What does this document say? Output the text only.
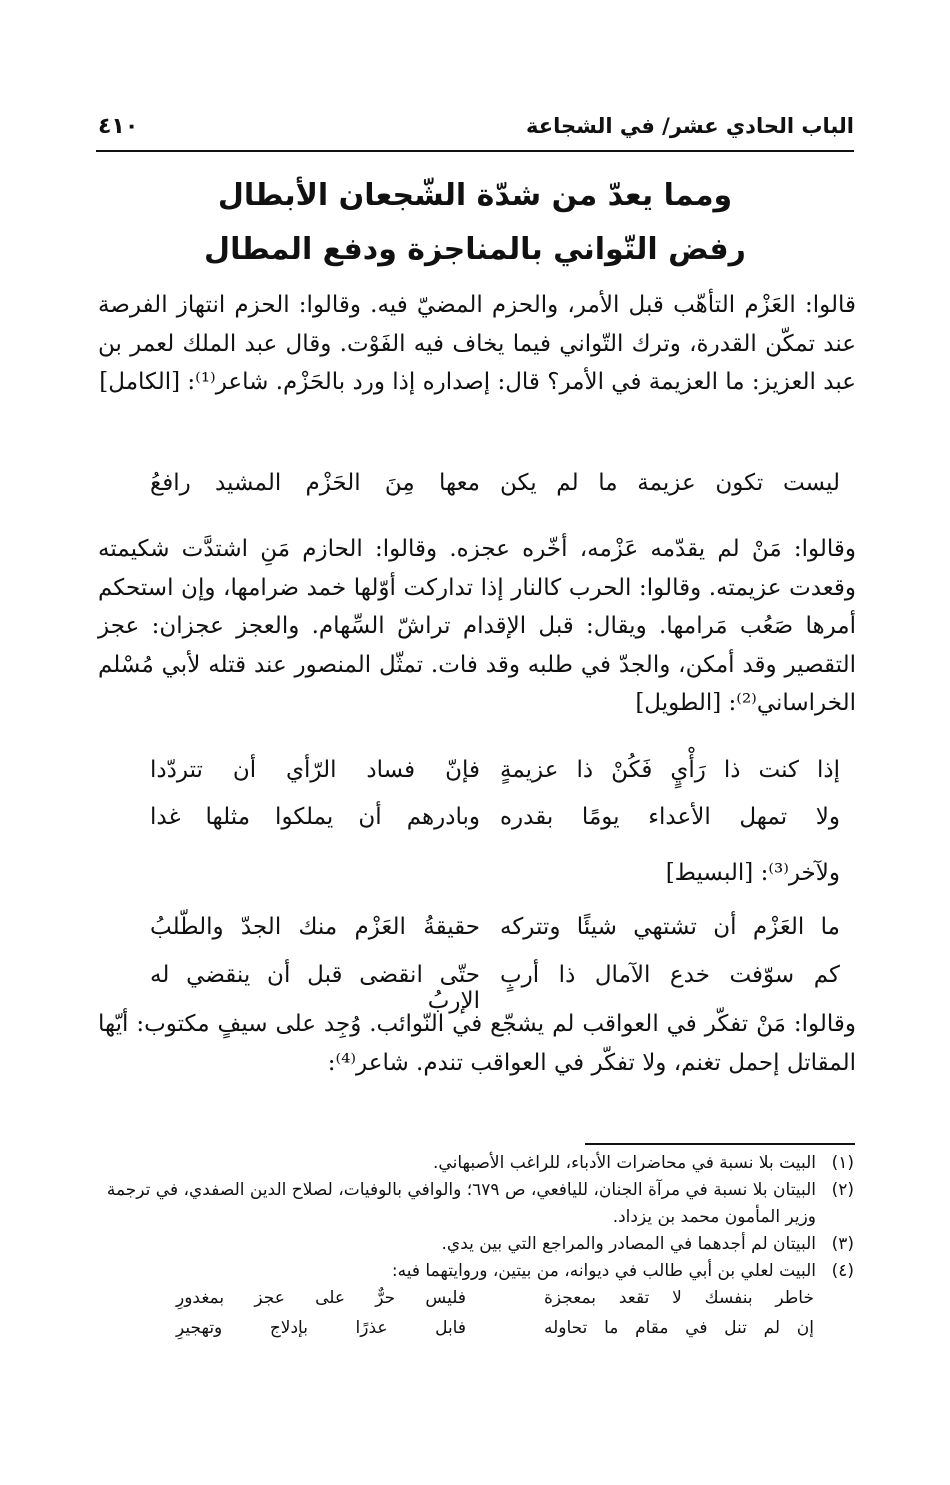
الباب الحادي عشر/ في الشجاعة
٤١٠
ومما يعدّ من شدّة الشّجعان الأبطال
رفض التّواني بالمناجزة ودفع المطال
قالوا: العَزْم التأهّب قبل الأمر، والحزم المضيّ فيه. وقالوا: الحزم انتهاز الفرصة عند تمكّن القدرة، وترك التّواني فيما يخاف فيه الفَوْت. وقال عبد الملك لعمر بن عبد العزيز: ما العزيمة في الأمر؟ قال: إصداره إذا ورد بالحَزْم. شاعر⁽¹⁾: [الكامل]
ليست تكون عزيمة ما لم يكن
معها مِنَ الحَزْم المشيد رافعُ
وقالوا: مَنْ لم يقدّمه عَزْمه، أخّره عجزه. وقالوا: الحازم مَنِ اشتدَّت شكيمته وقعدت عزيمته. وقالوا: الحرب كالنار إذا تداركت أوّلها خمد ضرامها، وإن استحكم أمرها صَعُب مَرامها. ويقال: قبل الإقدام تراشّ السِّهام. والعجز عجزان: عجز التقصير وقد أمكن، والجدّ في طلبه وقد فات. تمثّل المنصور عند قتله لأبي مُسْلم الخراساني⁽²⁾: [الطويل]
إذا كنت ذا رَأْيٍ فَكُنْ ذا عزيمةٍ
فإنّ فساد الرّأي أن تتردّدا
ولا تمهل الأعداء يومًا بقدره
وبادرهم أن يملكوا مثلها غدا
ولآخر⁽³⁾: [البسيط]
ما العَزْم أن تشتهي شيئًا وتتركه
حقيقةُ العَزْم منك الجدّ والطّلبُ
كم سوّفت خدع الآمال ذا أربٍ
حتّى انقضى قبل أن ينقضي له الإربُ
وقالوا: مَنْ تفكّر في العواقب لم يشجّع في النّوائب. وُجِد على سيفٍ مكتوب: أيّها المقاتل إحمل تغنم، ولا تفكّر في العواقب تندم. شاعر⁽⁴⁾:
(١)
البيت بلا نسبة في محاضرات الأدباء، للراغب الأصبهاني.
(٢)
البيتان بلا نسبة في مرآة الجنان، لليافعي، ص ٦٧٩؛ والوافي بالوفيات، لصلاح الدين الصفدي، في ترجمة وزير المأمون محمد بن يزداد.
(٣)
البيتان لم أجدهما في المصادر والمراجع التي بين يدي.
(٤)
البيت لعلي بن أبي طالب في ديوانه، من بيتين، وروايتهما فيه:
خاطر بنفسك لا تقعد بمعجزة
فليس حرٌّ على عجز بمغدورِ
إن لم تنل في مقام ما تحاوله
فابل عذرًا بإدلاج وتهجيرِ
